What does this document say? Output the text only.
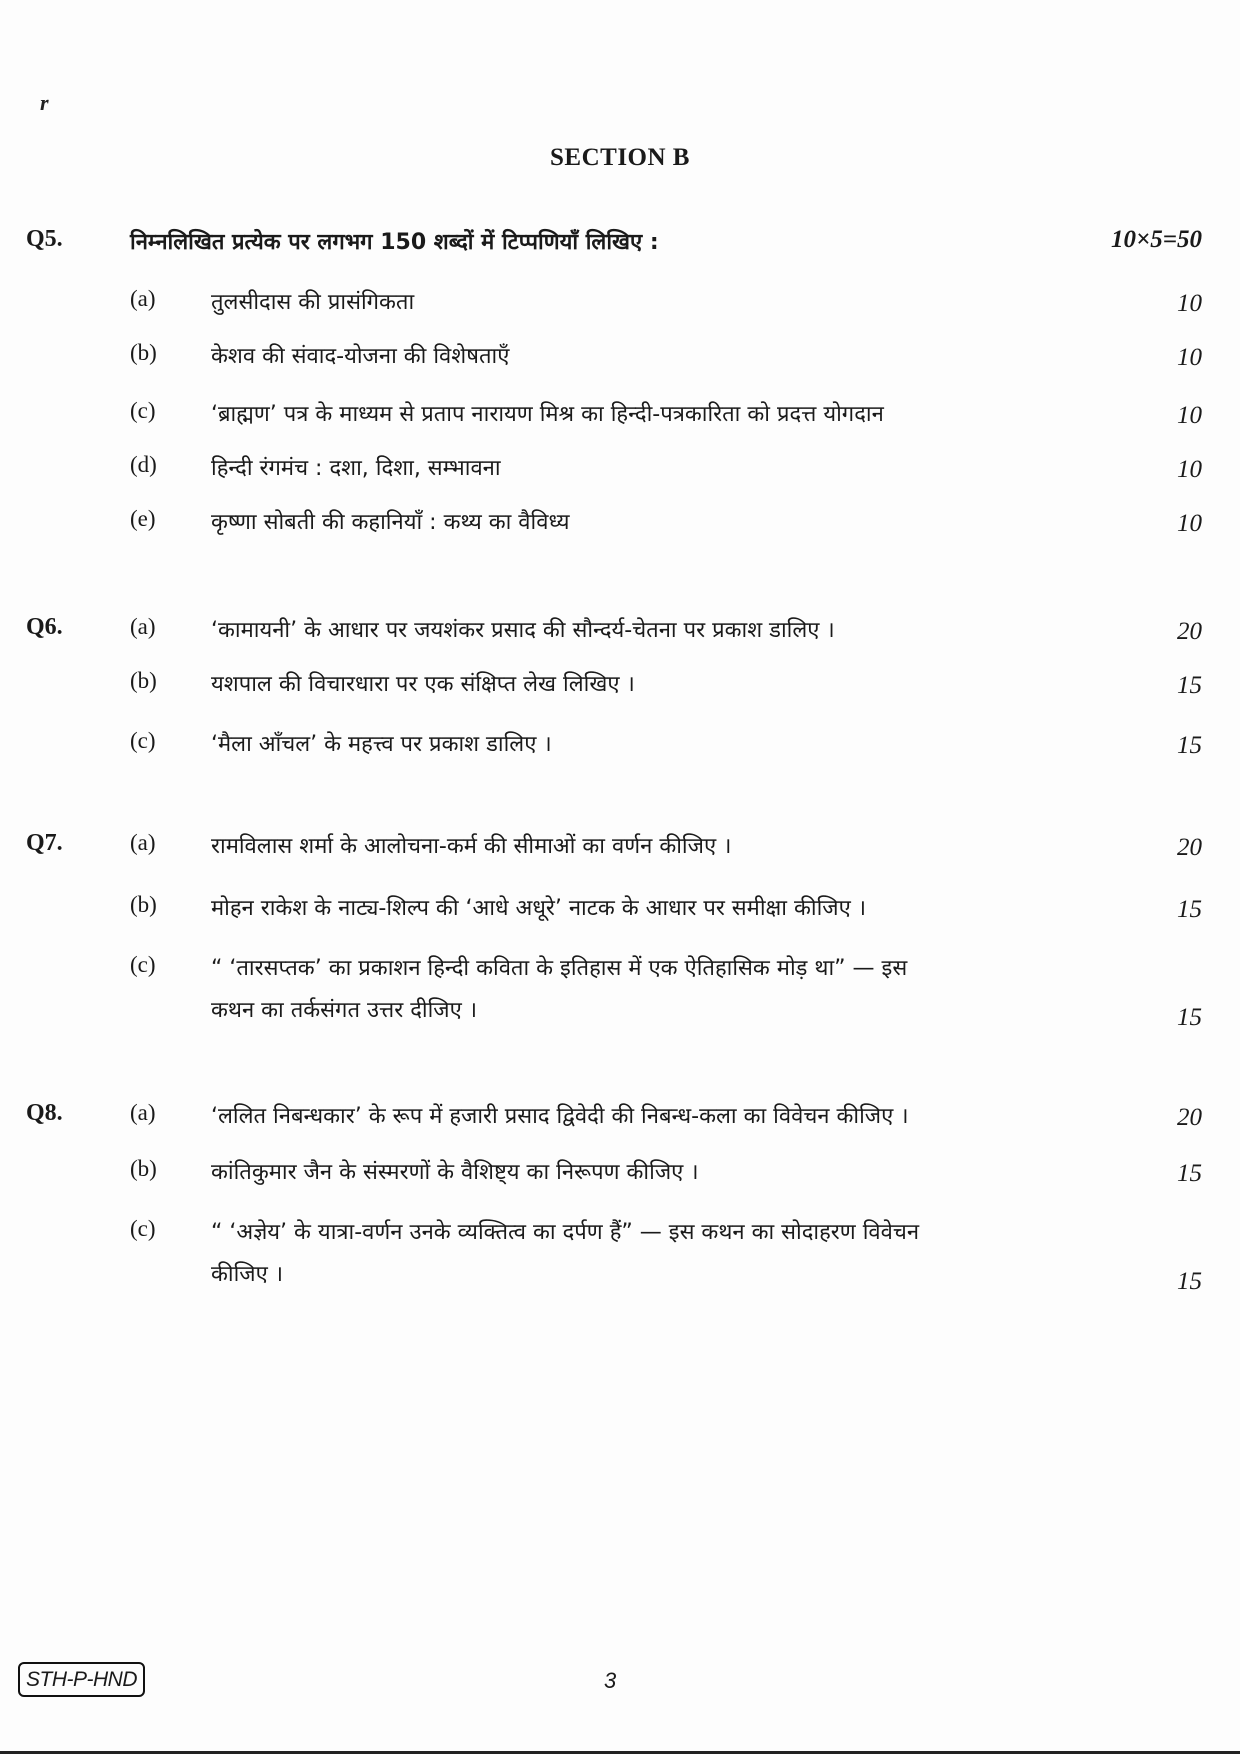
r
SECTION B
Q5.	निम्नलिखित प्रत्येक पर लगभग 150 शब्दों में टिप्पणियाँ लिखिए :	10×5=50
(a)	तुलसीदास की प्रासंगिकता	10
(b) केशव की संवाद-योजना की विशेषताएँ	10
(c)	‘ब्राह्मण’ पत्र के माध्यम से प्रताप नारायण मिश्र का हिन्दी-पत्रकारिता को प्रदत्त योगदान	10
(d) हिन्दी रंगमंच : दशा, दिशा, सम्भावना	10
(e)	कृष्णा सोबती की कहानियाँ : कथ्य का वैविध्य	10
Q6.	(a)	‘कामायनी’ के आधार पर जयशंकर प्रसाद की सौन्दर्य-चेतना पर प्रकाश डालिए ।	20
(b) यशपाल की विचारधारा पर एक संक्षिप्त लेख लिखिए ।	15
(c)	‘मैला आँचल’ के महत्त्व पर प्रकाश डालिए ।	15
Q7.	(a)	रामविलास शर्मा के आलोचना-कर्म की सीमाओं का वर्णन कीजिए ।	20
(b) मोहन राकेश के नाट्य-शिल्प की ‘आधे अधूरे’ नाटक के आधार पर समीक्षा कीजिए ।	15
(c)	“ ‘तारसप्तक’ का प्रकाशन हिन्दी कविता के इतिहास में एक ऐतिहासिक मोड़ था” — इस
कथन का तर्कसंगत उत्तर दीजिए ।	15
Q8.	(a)	‘ललित निबन्धकार’ के रूप में हजारी प्रसाद द्विवेदी की निबन्ध-कला का विवेचन कीजिए ।	20
(b) कांतिकुमार जैन के संस्मरणों के वैशिष्ट्य का निरूपण कीजिए ।	15
(c)	“ ‘अज्ञेय’ के यात्रा-वर्णन उनके व्यक्तित्व का दर्पण हैं” — इस कथन का सोदाहरण विवेचन
कीजिए ।	15
STH-P-HND	3
